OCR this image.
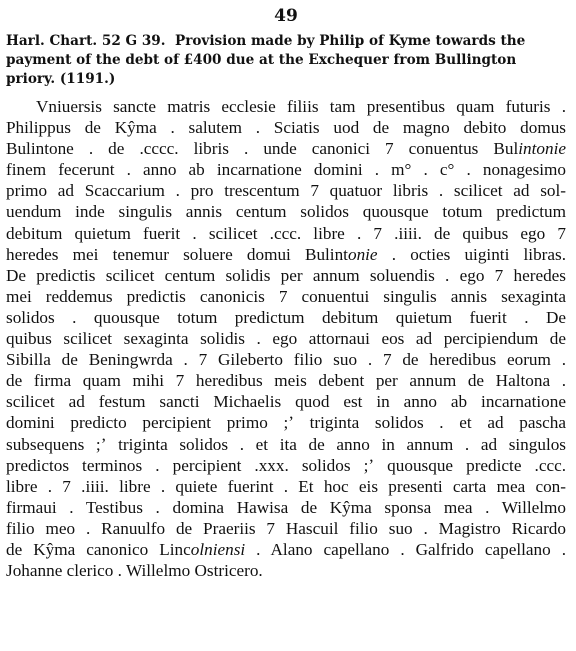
49
Harl. Chart. 52 G 39. Provision made by Philip of Kyme towards the payment of the debt of £400 due at the Exchequer from Bullington priory. (1191.)
Vniuersis sancte matris ecclesie filiis tam presentibus quam futuris .
Philippus de Kŷma . salutem . Sciatis uod de magno debito domus
Bulintone . de .cccc. libris . unde canonici 7 conuentus Bulintonie
finem fecerunt . anno ab incarnatione domini . m° . c° . nonagesimo
primo ad Scaccarium . pro trescentum 7 quatuor libris . scilicet ad sol-
uendum inde singulis annis centum solidos quousque totum predictum
debitum quietum fuerit . scilicet .ccc. libre . 7 .iiii. de quibus ego 7
heredes mei tenemur soluere domui Bulintonie . octies uiginti libras.
De predictis scilicet centum solidis per annum soluendis . ego 7 heredes
mei reddemus predictis canonicis 7 conuentui singulis annis sexaginta
solidos . quousque totum predictum debitum quietum fuerit . De
quibus scilicet sexaginta solidis . ego attornaui eos ad percipiendum de
Sibilla de Beningwrda . 7 Gileberto filio suo . 7 de heredibus eorum .
de firma quam mihi 7 heredibus meis debent per annum de Haltona .
scilicet ad festum sancti Michaelis quod est in anno ab incarnatione
domini predicto percipient primo ;ʼ triginta solidos . et ad pascha
subsequens ;ʼ triginta solidos . et ita de anno in annum . ad singulos
predictos terminos . percipient .xxx. solidos ;ʼ quousque predicte .ccc.
libre . 7 .iiii. libre . quiete fuerint . Et hoc eis presenti carta mea con-
firmaui . Testibus . domina Hawisa de Kŷma sponsa mea . Willelmo
filio meo . Ranuulfo de Praeriis 7 Hascuil filio suo . Magistro Ricardo
de Kŷma canonico Lincolniensi . Alano capellano . Galfrido capellano .
Johanne clerico . Willelmo Ostricero.
